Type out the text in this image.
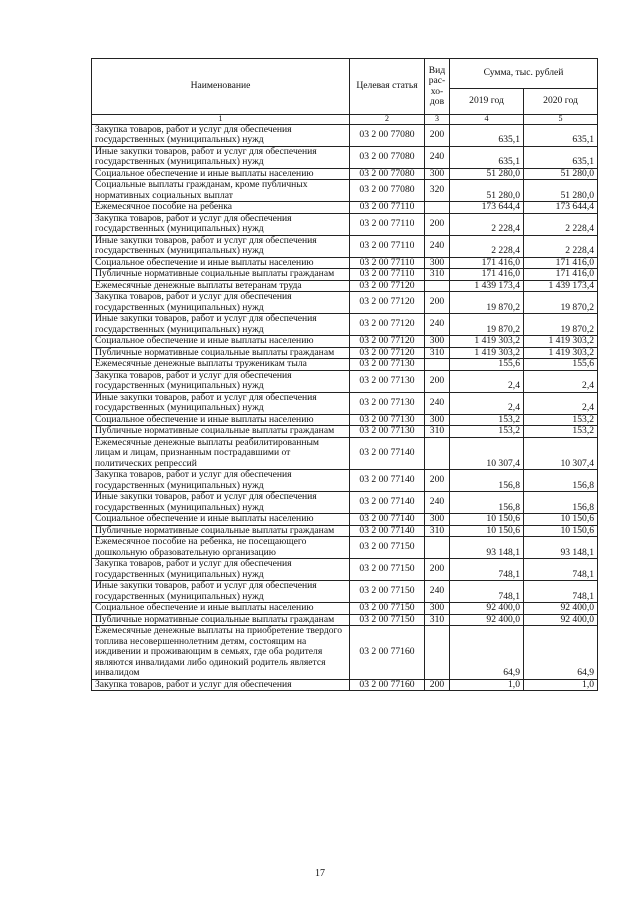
Наименование	Целевая статья	Вид рас-хо-дов	Сумма, тыс. рублей	
			2019 год	2020 год
1	2	3	4	5
Закупка товаров, работ и услуг для обеспечения государственных (муниципальных) нужд	03 2 00 77080	200	635,1	635,1
Иные закупки товаров, работ и услуг для обеспечения государственных (муниципальных) нужд	03 2 00 77080	240	635,1	635,1
Социальное обеспечение и иные выплаты населению	03 2 00 77080	300	51 280,0	51 280,0
Социальные выплаты гражданам, кроме публичных нормативных социальных выплат	03 2 00 77080	320	51 280,0	51 280,0
Ежемесячное пособие на ребенка	03 2 00 77110		173 644,4	173 644,4
Закупка товаров, работ и услуг для обеспечения государственных (муниципальных) нужд	03 2 00 77110	200	2 228,4	2 228,4
Иные закупки товаров, работ и услуг для обеспечения государственных (муниципальных) нужд	03 2 00 77110	240	2 228,4	2 228,4
Социальное обеспечение и иные выплаты населению	03 2 00 77110	300	171 416,0	171 416,0
Публичные нормативные социальные выплаты гражданам	03 2 00 77110	310	171 416,0	171 416,0
Ежемесячные денежные выплаты ветеранам труда	03 2 00 77120		1 439 173,4	1 439 173,4
Закупка товаров, работ и услуг для обеспечения государственных (муниципальных) нужд	03 2 00 77120	200	19 870,2	19 870,2
Иные закупки товаров, работ и услуг для обеспечения государственных (муниципальных) нужд	03 2 00 77120	240	19 870,2	19 870,2
Социальное обеспечение и иные выплаты населению	03 2 00 77120	300	1 419 303,2	1 419 303,2
Публичные нормативные социальные выплаты гражданам	03 2 00 77120	310	1 419 303,2	1 419 303,2
Ежемесячные денежные выплаты труженикам тыла	03 2 00 77130		155,6	155,6
Закупка товаров, работ и услуг для обеспечения государственных (муниципальных) нужд	03 2 00 77130	200	2,4	2,4
Иные закупки товаров, работ и услуг для обеспечения государственных (муниципальных) нужд	03 2 00 77130	240	2,4	2,4
Социальное обеспечение и иные выплаты населению	03 2 00 77130	300	153,2	153,2
Публичные нормативные социальные выплаты гражданам	03 2 00 77130	310	153,2	153,2
Ежемесячные денежные выплаты реабилитированным лицам и лицам, признанным пострадавшими от политических репрессий	03 2 00 77140		10 307,4	10 307,4
Закупка товаров, работ и услуг для обеспечения государственных (муниципальных) нужд	03 2 00 77140	200	156,8	156,8
Иные закупки товаров, работ и услуг для обеспечения государственных (муниципальных) нужд	03 2 00 77140	240	156,8	156,8
Социальное обеспечение и иные выплаты населению	03 2 00 77140	300	10 150,6	10 150,6
Публичные нормативные социальные выплаты гражданам	03 2 00 77140	310	10 150,6	10 150,6
Ежемесячное пособие на ребенка, не посещающего дошкольную образовательную организацию	03 2 00 77150		93 148,1	93 148,1
Закупка товаров, работ и услуг для обеспечения государственных (муниципальных) нужд	03 2 00 77150	200	748,1	748,1
Иные закупки товаров, работ и услуг для обеспечения государственных (муниципальных) нужд	03 2 00 77150	240	748,1	748,1
Социальное обеспечение и иные выплаты населению	03 2 00 77150	300	92 400,0	92 400,0
Публичные нормативные социальные выплаты гражданам	03 2 00 77150	310	92 400,0	92 400,0
Ежемесячные денежные выплаты на приобретение твердого топлива несовершеннолетним детям, состоящим на иждивении и проживающим в семьях, где оба родителя являются инвалидами либо одинокий родитель является инвалидом	03 2 00 77160		64,9	64,9
Закупка товаров, работ и услуг для обеспечения	03 2 00 77160	200	1,0	1,0
17
